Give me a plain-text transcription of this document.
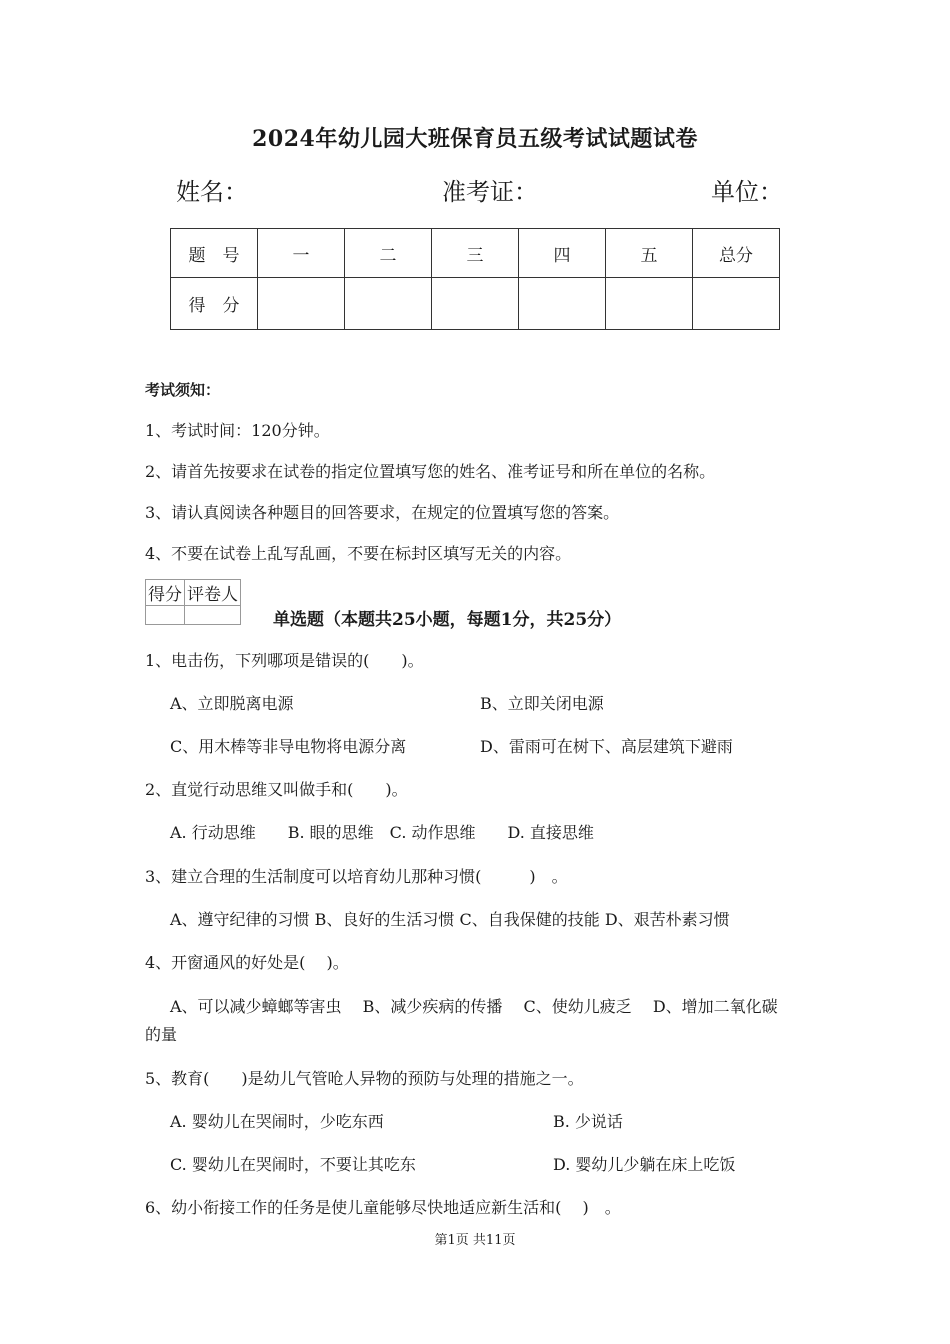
2024年幼儿园大班保育员五级考试试题试卷
姓名：	准考证：	单位：
题　号	一	二	三	四	五	总分
得　分						
考试须知：
1、考试时间：120分钟。
2、请首先按要求在试卷的指定位置填写您的姓名、准考证号和所在单位的名称。
3、请认真阅读各种题目的回答要求，在规定的位置填写您的答案。
4、不要在试卷上乱写乱画，不要在标封区填写无关的内容。
得分	评卷人

单选题（本题共25小题，每题1分，共25分）
1、电击伤，下列哪项是错误的(　　)。
A、立即脱离电源	B、立即关闭电源
C、用木棒等非导电物将电源分离	D、雷雨可在树下、高层建筑下避雨
2、直觉行动思维又叫做手和(　　)。
A. 行动思维　　B. 眼的思维　C. 动作思维　　D. 直接思维
3、建立合理的生活制度可以培育幼儿那种习惯(　　　)　。
A、遵守纪律的习惯 B、良好的生活习惯 C、自我保健的技能 D、艰苦朴素习惯
4、开窗通风的好处是(　 )。
A、可以减少蟑螂等害虫　 B、减少疾病的传播　 C、使幼儿疲乏　 D、增加二氧化碳
的量
5、教育(　　)是幼儿气管呛人异物的预防与处理的措施之一。
A. 婴幼儿在哭闹时，少吃东西	B. 少说话
C. 婴幼儿在哭闹时，不要让其吃东	D. 婴幼儿少躺在床上吃饭
6、幼小衔接工作的任务是使儿童能够尽快地适应新生活和(　 )　。
第1页 共11页
